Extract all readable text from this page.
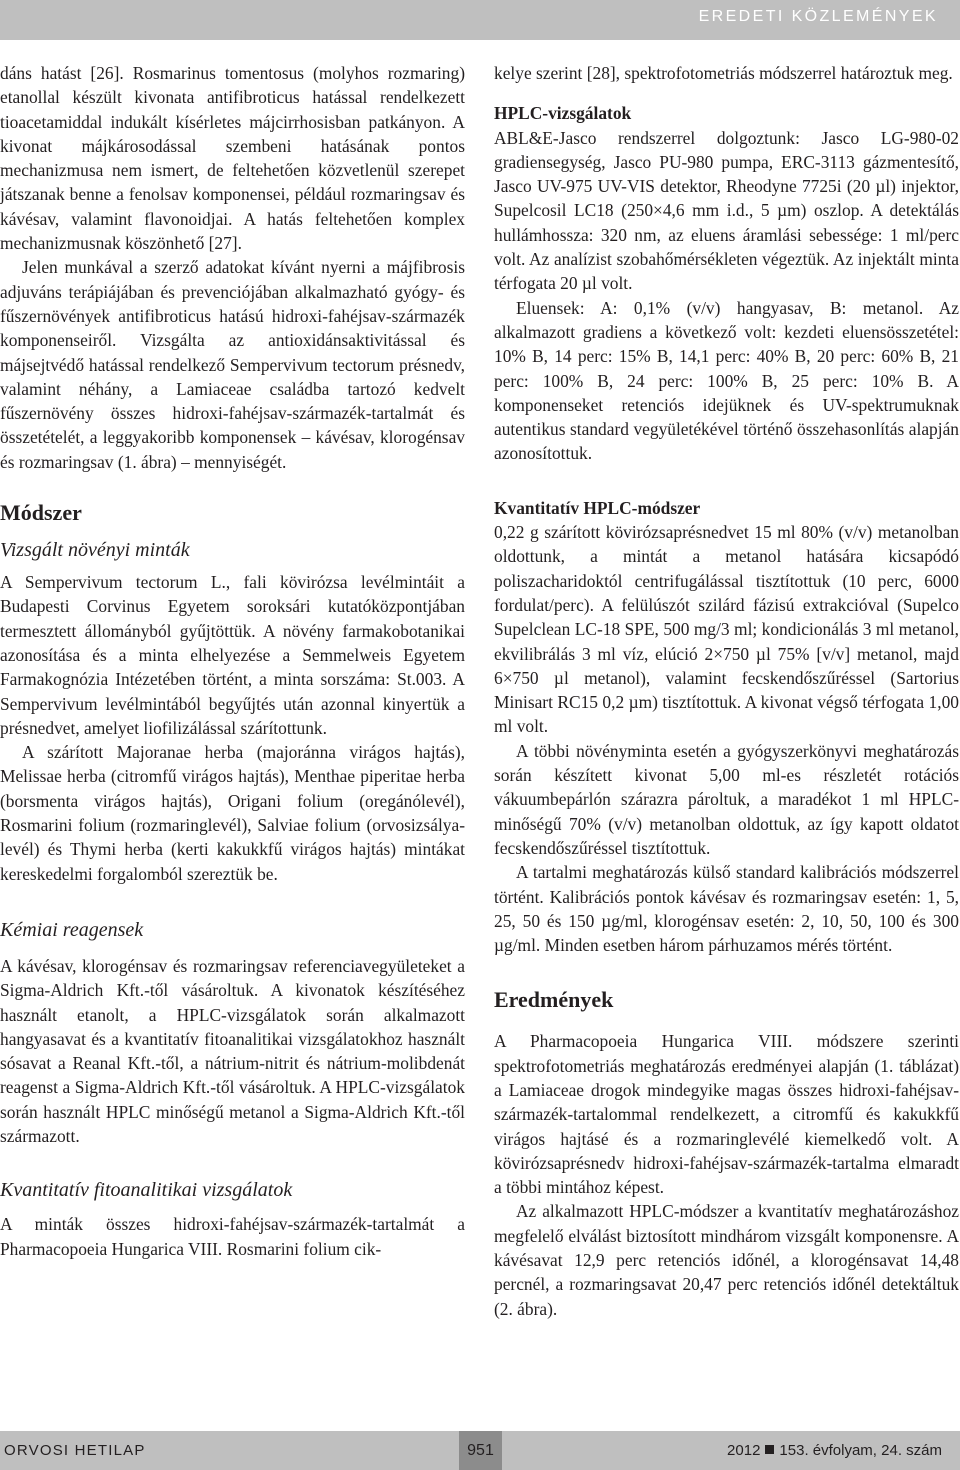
EREDETI KÖZLEMÉNYEK

dáns hatást [26]. Rosmarinus tomentosus (molyhos rozmaring) etanollal készült kivonata antifibroticus hatással rendelkezett tioacetamiddal indukált kísérletes májcirrhosisban patkányon. A kivonat májkárosodással szembeni hatásának pontos mechanizmusa nem ismert, de feltehetően közvetlenül szerepet játszanak benne a fenolsav komponensei, például rozmaringsav és kávésav, valamint flavonoidjai. A hatás feltehetően komplex mechanizmusnak köszönhető [27].

Jelen munkával a szerző adatokat kívánt nyerni a májfibrosis adjuváns terápiájában és prevenciójában alkalmazható gyógy- és fűszernövények antifibroticus hatású hidroxi-fahéjsav-származék komponenseiről. Vizsgálta az antioxidánsaktivitással és májsejtvédő hatással rendelkező Sempervivum tectorum présnedv, valamint néhány, a Lamiaceae családba tartozó kedvelt fűszernövény összes hidroxi-fahéjsav-származék-tartalmát és összetételét, a leggyakoribb komponensek – kávésav, klorogénsav és rozmaringsav (1. ábra) – mennyiségét.

Módszer
Vizsgált növényi minták

A Sempervivum tectorum L., fali kövirózsa levélmintáit a Budapesti Corvinus Egyetem soroksári kutatóközpontjában termesztett állományból gyűjtöttük. A növény farmakobotanikai azonosítása és a minta elhelyezése a Semmelweis Egyetem Farmakognózia Intézetében történt, a minta sorszáma: St.003. A Sempervivum levélmintából begyűjtés után azonnal kinyertük a présnedvet, amelyet liofilizálással szárítottunk.

A szárított Majoranae herba (majoránna virágos hajtás), Melissae herba (citromfű virágos hajtás), Menthae piperitae herba (borsmenta virágos hajtás), Origani folium (oregánólevél), Rosmarini folium (rozmaringlevél), Salviae folium (orvosizsálya-levél) és Thymi herba (kerti kakukkfű virágos hajtás) mintákat kereskedelmi forgalomból szereztük be.

Kémiai reagensek

A kávésav, klorogénsav és rozmaringsav referenciavegyületeket a Sigma-Aldrich Kft.-től vásároltuk. A kivonatok készítéséhez használt etanolt, a HPLC-vizsgálatok során alkalmazott hangyasavat és a kvantitatív fitoanalitikai vizsgálatokhoz használt sósavat a Reanal Kft.-től, a nátrium-nitrit és nátrium-molibdenát reagenst a Sigma-Aldrich Kft.-től vásároltuk. A HPLC-vizsgálatok során használt HPLC minőségű metanol a Sigma-Aldrich Kft.-től származott.

Kvantitatív fitoanalitikai vizsgálatok

A minták összes hidroxi-fahéjsav-származék-tartalmát a Pharmacopoeia Hungarica VIII. Rosmarini folium cik-

kelye szerint [28], spektrofotometriás módszerrel határoztuk meg.

HPLC-vizsgálatok

ABL&E-Jasco rendszerrel dolgoztunk: Jasco LG-980-02 gradiensegység, Jasco PU-980 pumpa, ERC-3113 gázmentesítő, Jasco UV-975 UV-VIS detektor, Rheodyne 7725i (20 µl) injektor, Supelcosil LC18 (250×4,6 mm i.d., 5 µm) oszlop. A detektálás hullámhossza: 320 nm, az eluens áramlási sebessége: 1 ml/perc volt. Az analízist szobahőmérsékleten végeztük. Az injektált minta térfogata 20 µl volt.

Eluensek: A: 0,1% (v/v) hangyasav, B: metanol. Az alkalmazott gradiens a következő volt: kezdeti eluensösszetétel: 10% B, 14 perc: 15% B, 14,1 perc: 40% B, 20 perc: 60% B, 21 perc: 100% B, 24 perc: 100% B, 25 perc: 10% B. A komponenseket retenciós idejüknek és UV-spektrumuknak autentikus standard vegyületékével történő összehasonlítás alapján azonosítottuk.

Kvantitatív HPLC-módszer

0,22 g szárított kövirózsaprésnedvet 15 ml 80% (v/v) metanolban oldottunk, a mintát a metanol hatására kicsapódó poliszacharidoktól centrifugálással tisztítottuk (10 perc, 6000 fordulat/perc). A felülúszót szilárd fázisú extrakcióval (Supelco Supelclean LC-18 SPE, 500 mg/3 ml; kondicionálás 3 ml metanol, ekvilibrálás 3 ml víz, elúció 2×750 µl 75% [v/v] metanol, majd 6×750 µl metanol), valamint fecskendőszűréssel (Sartorius Minisart RC15 0,2 µm) tisztítottuk. A kivonat végső térfogata 1,00 ml volt.

A többi növényminta esetén a gyógyszerkönyvi meghatározás során készített kivonat 5,00 ml-es részletét rotációs vákuumbepárlón szárazra pároltuk, a maradékot 1 ml HPLC-minőségű 70% (v/v) metanolban oldottuk, az így kapott oldatot fecskendőszűréssel tisztítottuk.

A tartalmi meghatározás külső standard kalibrációs módszerrel történt. Kalibrációs pontok kávésav és rozmaringsav esetén: 1, 5, 25, 50 és 150 µg/ml, klorogénsav esetén: 2, 10, 50, 100 és 300 µg/ml. Minden esetben három párhuzamos mérés történt.

Eredmények

A Pharmacopoeia Hungarica VIII. módszere szerinti spektrofotometriás meghatározás eredményei alapján (1. táblázat) a Lamiaceae drogok mindegyike magas összes hidroxi-fahéjsav-származék-tartalommal rendelkezett, a citromfű és kakukkfű virágos hajtásé és a rozmaringlevélé kiemelkedő volt. A kövirózsaprésnedv hidroxi-fahéjsav-származék-tartalma elmaradt a többi mintához képest.

Az alkalmazott HPLC-módszer a kvantitatív meghatározáshoz megfelelő elválást biztosított mindhárom vizsgált komponensre. A kávésavat 12,9 perc retenciós időnél, a klorogénsavat 14,48 percnél, a rozmaringsavat 20,47 perc retenciós időnél detektáltuk (2. ábra).

ORVOSI HETILAP	951	2012 153. évfolyam, 24. szám
